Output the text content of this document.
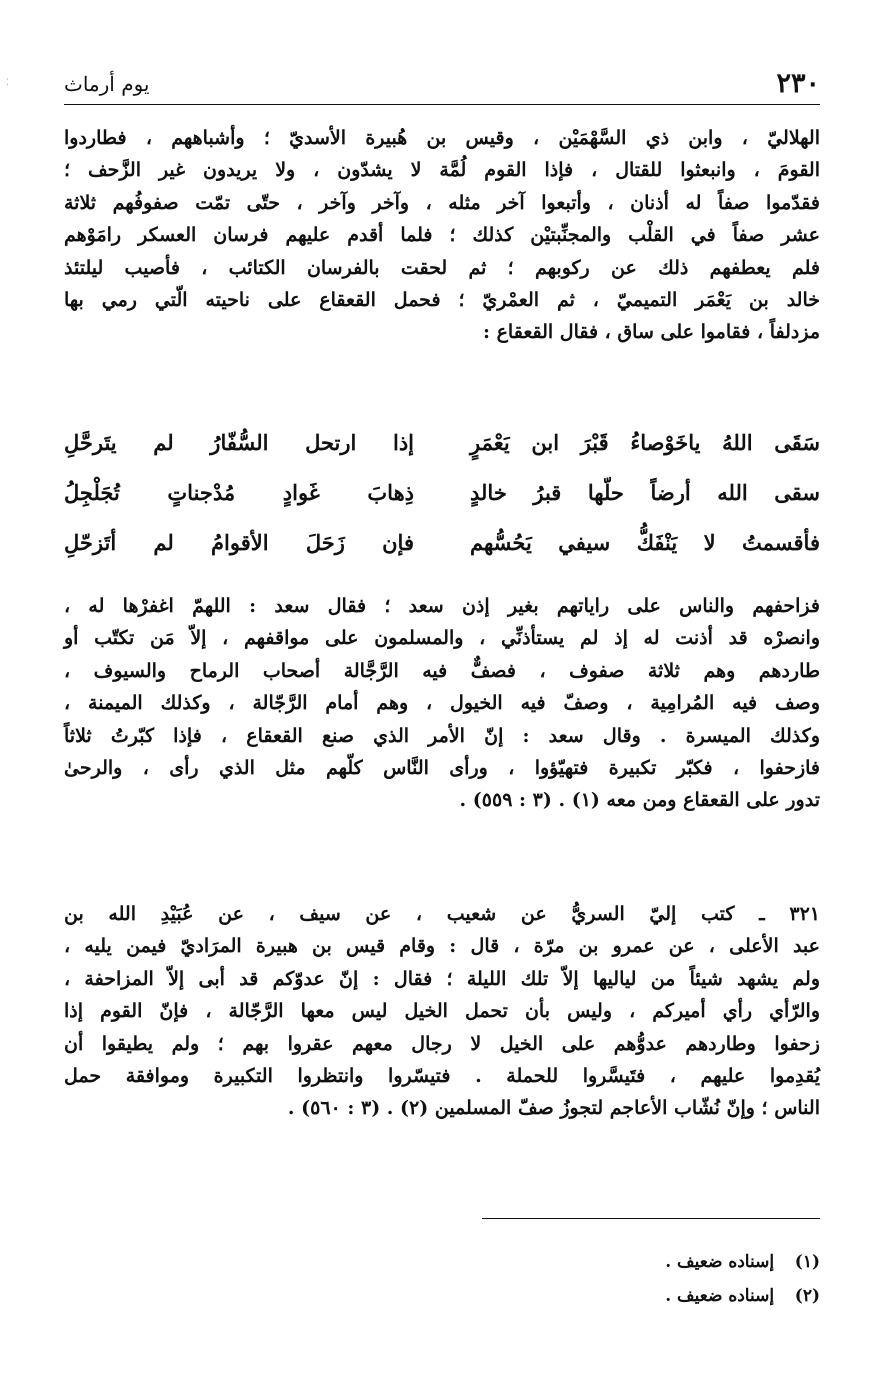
⁚	٢٣٠
يوم أرماث
الهلاليّ ، وابن ذي السَّهْمَيْن ، وقيس بن هُبيرة الأسديّ ؛ وأشباههم ، فطاردوا
القومَ ، وانبعثوا للقتال ، فإذا القوم لُمَّة لا يشدّون ، ولا يريدون غير الزَّحف ؛
فقدّموا صفاً له أذنان ، وأتبعوا آخر مثله ، وآخر وآخر ، حتّى تمّت صفوفُهم ثلاثة
عشر صفاً في القلْب والمجنِّبتيْن كذلك ؛ فلما أقدم عليهم فرسان العسكر رامَوْهم
فلم يعطفهم ذلك عن ركوبهم ؛ ثم لحقت بالفرسان الكتائب ، فأصيب ليلتئذ
خالد بن يَعْمَر التميميّ ، ثم العمْريّ ؛ فحمل القعقاع على ناحيته الّتي رمي بها
مزدلفاً ، فقاموا على ساق ، فقال القعقاع :
سَقَى اللهُ ياخَوْصاءُ قَبْرَ ابن يَعْمَرٍ
إذا ارتحل السُّفّارُ لم يتَرحَّلِ
سقى الله أرضاً حلّها قبرُ خالدٍ
ذِهابَ غَوادٍ مُدْجناتٍ تُجَلْجِلُ
فأقسمتُ لا يَنْفَكُّ سيفي يَحُسُّهم
فإن زَحَلَ الأقوامُ لم أتَزحّلِ
فزاحفهم والناس على راياتهم بغير إذن سعد ؛ فقال سعد : اللهمّ اغفرْها له ،
وانصرْه قد أذنت له إذ لم يستأذنِّي ، والمسلمون على مواقفهم ، إلاّ مَن تكتّب أو
طاردهم وهم ثلاثة صفوف ، فصفٌّ فيه الرَّجَّالة أصحاب الرماح والسيوف ،
وصف فيه المُرامِية ، وصفّ فيه الخيول ، وهم أمام الرَّجّالة ، وكذلك الميمنة ،
وكذلك الميسرة . وقال سعد : إنّ الأمر الذي صنع القعقاع ، فإذا كبّرتُ ثلاثاً
فازحفوا ، فكبّر تكبيرة فتهيّؤوا ، ورأى النَّاس كلّهم مثل الذي رأى ، والرحىٰ
تدور على القعقاع ومن معه (١) . (٣ : ٥٥٩) .
٣٢١ ـ كتب إليّ السريُّ عن شعيب ، عن سيف ، عن عُبَيْدِ الله بن
عبد الأعلى ، عن عمرو بن مرّة ، قال : وقام قيس بن هبيرة المرَاديّ فيمن يليه ،
ولم يشهد شيئاً من لياليها إلاّ تلك الليلة ؛ فقال : إنّ عدوّكم قد أبى إلاّ المزاحفة ،
والرّأي رأي أميركم ، وليس بأن تحمل الخيل ليس معها الرَّجّالة ، فإنّ القوم إذا
زحفوا وطاردهم عدوُّهم على الخيل لا رجال معهم عقروا بهم ؛ ولم يطيقوا أن
يُقدِموا عليهم ، فتَيسَّروا للحملة . فتيسّروا وانتظروا التكبيرة وموافقة حمل
الناس ؛ وإنّ نُشّاب الأعاجم لتجوزُ صفّ المسلمين (٢) . (٣ : ٥٦٠) .
(١) إسناده ضعيف .
(٢) إسناده ضعيف .
